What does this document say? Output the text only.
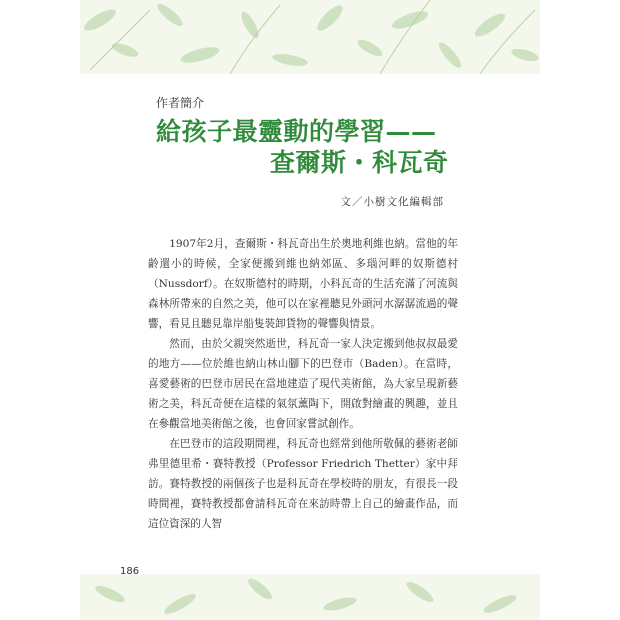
作者簡介
給孩子最靈動的學習——
查爾斯・科瓦奇
文／小樹文化編輯部

1907年2月，查爾斯・科瓦奇出生於奧地利維也納。當他的年齡還小的時候，全家便搬到維也納郊區、多瑙河畔的奴斯德村（Nussdorf）。在奴斯德村的時期，小科瓦奇的生活充滿了河流與森林所帶來的自然之美，他可以在家裡聽見外頭河水潺潺流過的聲響，看見且聽見靠岸船隻裝卸貨物的聲響與情景。

然而，由於父親突然逝世，科瓦奇一家人決定搬到他叔叔最愛的地方——位於維也納山林山腳下的巴登市（Baden）。在當時，喜愛藝術的巴登市居民在當地建造了現代美術館，為大家呈現新藝術之美，科瓦奇便在這樣的氣氛薰陶下，開啟對繪畫的興趣，並且在參觀當地美術館之後，也會回家嘗試創作。

在巴登市的這段期間裡，科瓦奇也經常到他所敬佩的藝術老師弗里德里希・賽特教授（Professor Friedrich Thetter）家中拜訪。賽特教授的兩個孩子也是科瓦奇在學校時的朋友，有很長一段時間裡，賽特教授都會請科瓦奇在來訪時帶上自己的繪畫作品，而這位資深的人智

186
